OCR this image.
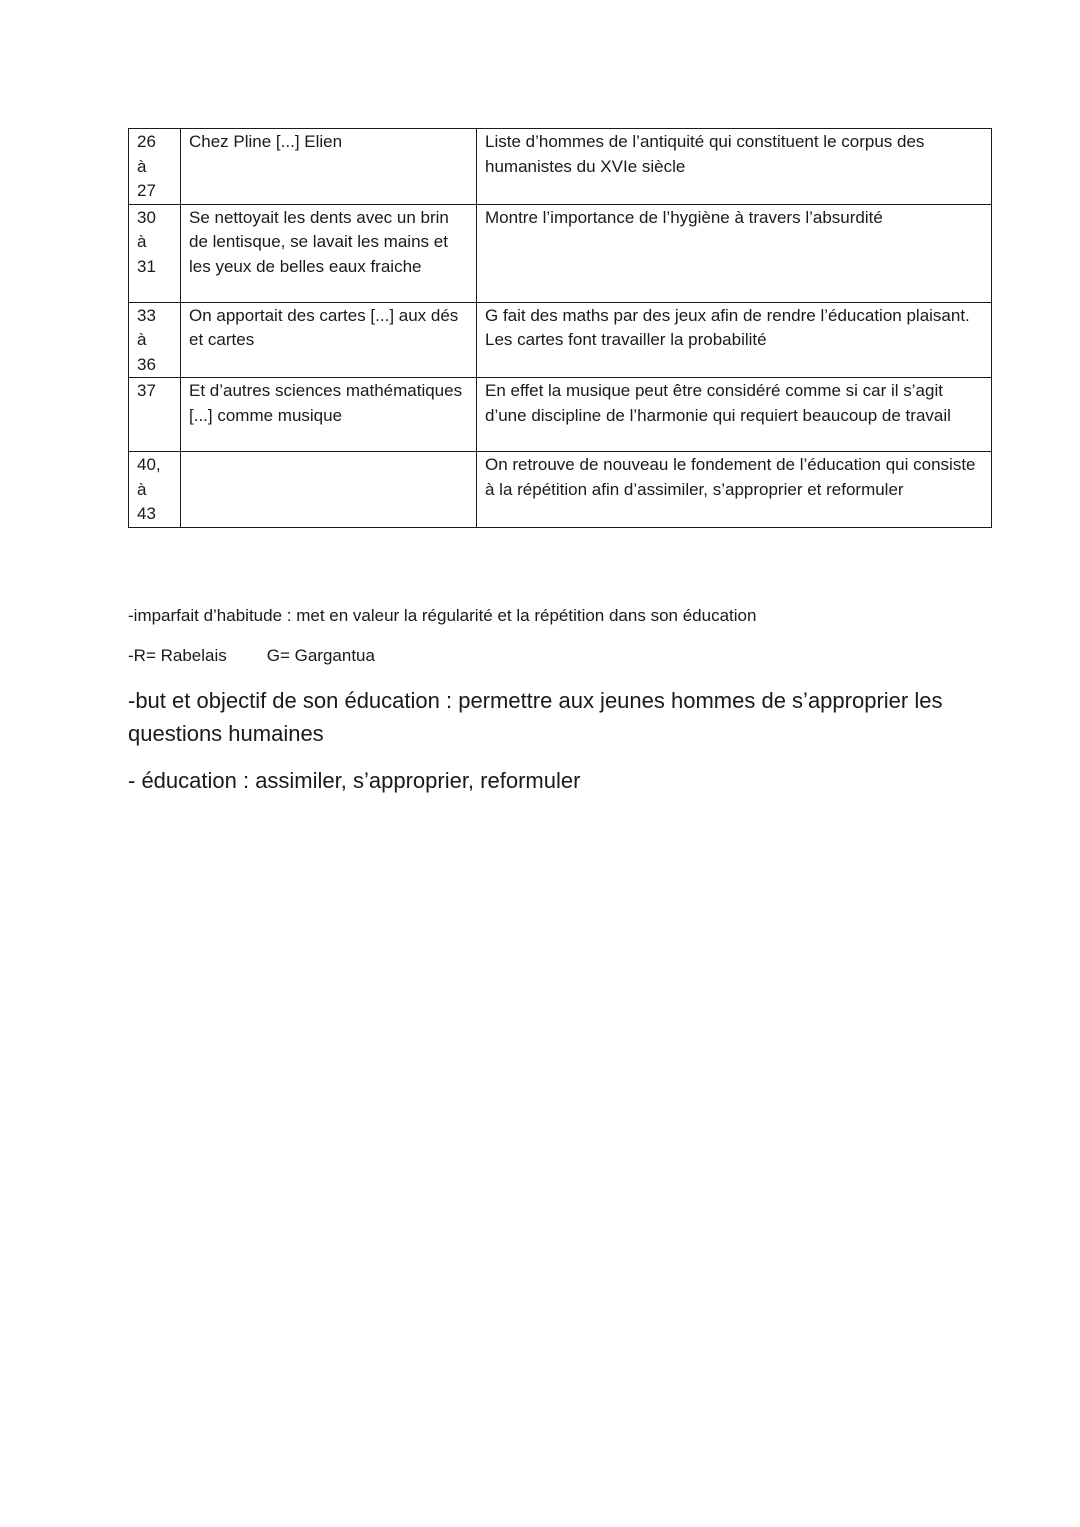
26
à
27	Chez Pline [...] Elien	Liste d’hommes de l’antiquité qui constituent le corpus des humanistes du XVIe siècle

30
à
31	Se nettoyait les dents avec un brin de lentisque, se lavait les mains et les yeux de belles eaux fraiche	Montre l’importance de l’hygiène à travers l’absurdité

33
à
36	On apportait des cartes [...] aux dés et cartes	G fait des maths par des jeux afin de rendre l’éducation plaisant. Les cartes font travailler la probabilité

37	Et d’autres sciences mathématiques [...] comme musique	En effet la musique peut être considéré comme si car il s’agit d’une discipline de l’harmonie qui requiert beaucoup de travail

40,
à
43		On retrouve de nouveau le fondement de l’éducation qui consiste à la répétition afin d’assimiler, s’approprier et reformuler

-imparfait d’habitude : met en valeur la régularité et la répétition dans son éducation

-R= Rabelais G= Gargantua

-but et objectif de son éducation : permettre aux jeunes hommes de s’approprier les questions humaines

- éducation : assimiler, s’approprier, reformuler
